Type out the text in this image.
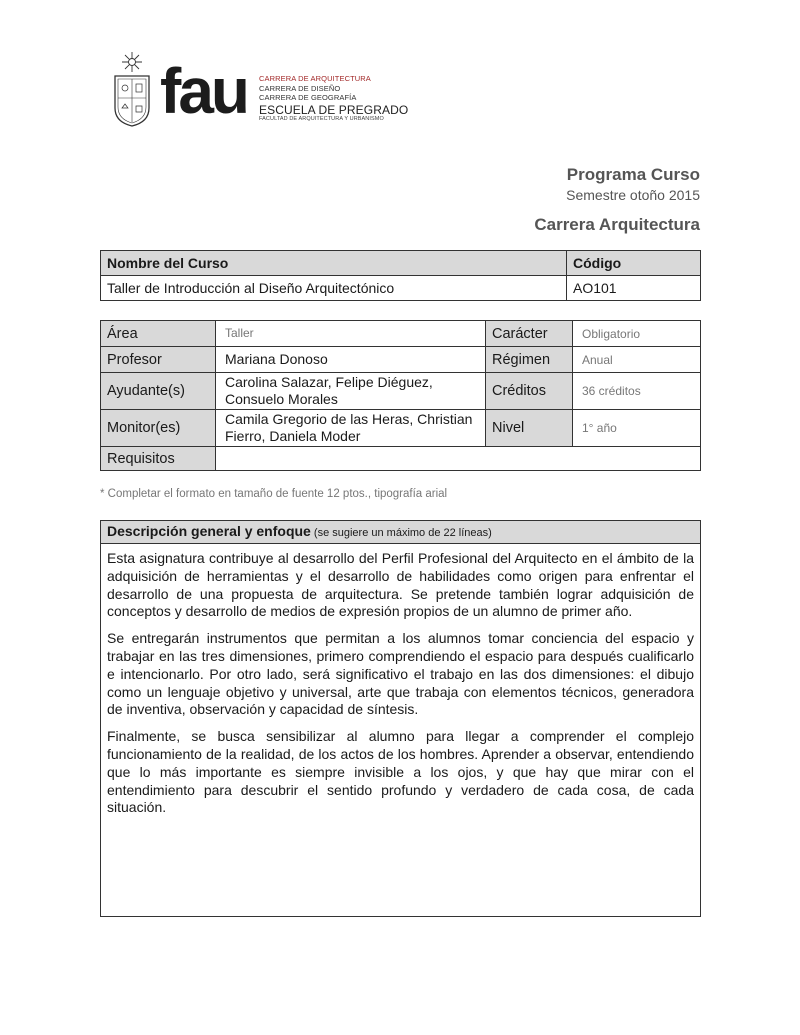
fau CARRERA DE ARQUITECTURA
CARRERA DE DISEÑO
CARRERA DE GEOGRAFÍA
ESCUELA DE PREGRADO
FACULTAD DE ARQUITECTURA Y URBANISMO
Programa Curso
Semestre otoño 2015
Carrera Arquitectura
Nombre del Curso	Código
Taller de Introducción al Diseño Arquitectónico	AO101
Área	Taller	Carácter	Obligatorio
Profesor	Mariana Donoso	Régimen	Anual
Ayudante(s)	Carolina Salazar, Felipe Diéguez, Consuelo Morales	Créditos	36 créditos
Monitor(es)	Camila Gregorio de las Heras, Christian Fierro, Daniela Moder	Nivel	1° año
Requisitos			
* Completar el formato en tamaño de fuente 12 ptos., tipografía arial
Descripción general y enfoque (se sugiere un máximo de 22 líneas)

Esta asignatura contribuye al desarrollo del Perfil Profesional del Arquitecto en el ámbito de la adquisición de herramientas y el desarrollo de habilidades como origen para enfrentar el desarrollo de una propuesta de arquitectura. Se pretende también lograr adquisición de conceptos y desarrollo de medios de expresión propios de un alumno de primer año.

Se entregarán instrumentos que permitan a los alumnos tomar conciencia del espacio y trabajar en las tres dimensiones, primero comprendiendo el espacio para después cualificarlo e intencionarlo. Por otro lado, será significativo el trabajo en las dos dimensiones: el dibujo como un lenguaje objetivo y universal, arte que trabaja con elementos técnicos, generadora de inventiva, observación y capacidad de síntesis.

Finalmente, se busca sensibilizar al alumno para llegar a comprender el complejo funcionamiento de la realidad, de los actos de los hombres. Aprender a observar, entendiendo que lo más importante es siempre invisible a los ojos, y que hay que mirar con el entendimiento para descubrir el sentido profundo y verdadero de cada cosa, de cada situación.
